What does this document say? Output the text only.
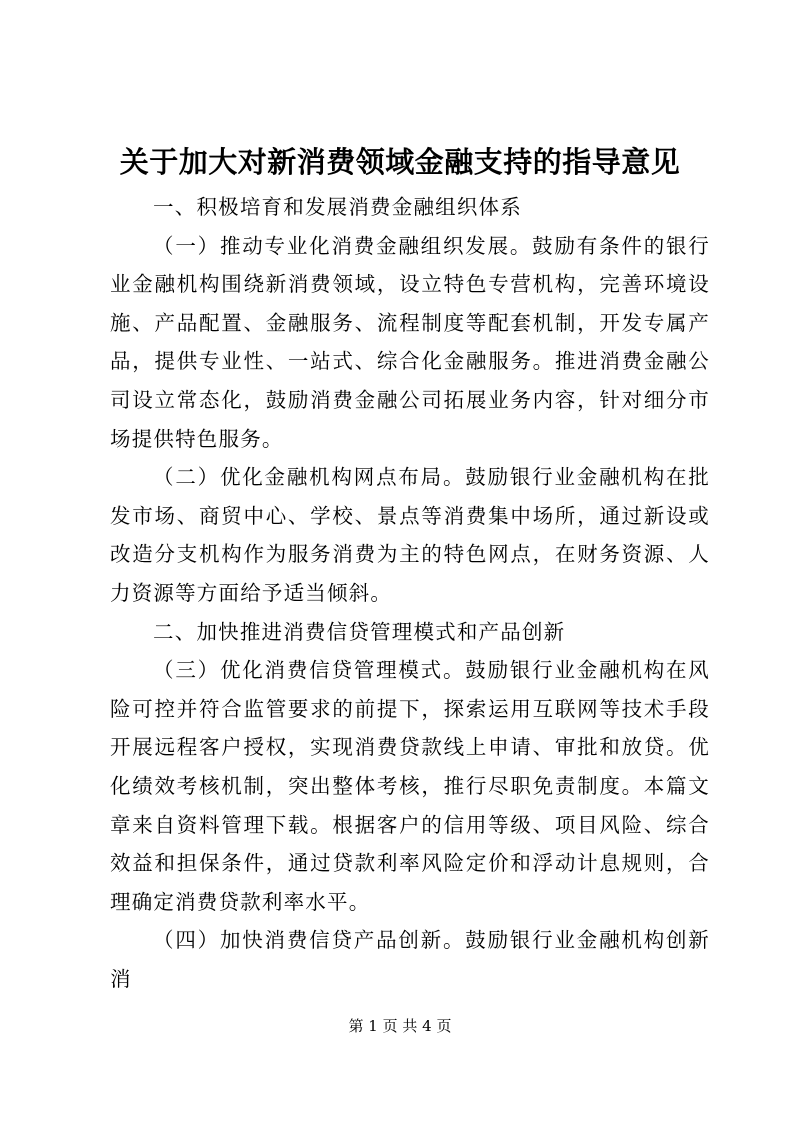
关于加大对新消费领域金融支持的指导意见

一、积极培育和发展消费金融组织体系

（一）推动专业化消费金融组织发展。鼓励有条件的银行业金融机构围绕新消费领域，设立特色专营机构，完善环境设施、产品配置、金融服务、流程制度等配套机制，开发专属产品，提供专业性、一站式、综合化金融服务。推进消费金融公司设立常态化，鼓励消费金融公司拓展业务内容，针对细分市场提供特色服务。

（二）优化金融机构网点布局。鼓励银行业金融机构在批发市场、商贸中心、学校、景点等消费集中场所，通过新设或改造分支机构作为服务消费为主的特色网点，在财务资源、人力资源等方面给予适当倾斜。

二、加快推进消费信贷管理模式和产品创新

（三）优化消费信贷管理模式。鼓励银行业金融机构在风险可控并符合监管要求的前提下，探索运用互联网等技术手段开展远程客户授权，实现消费贷款线上申请、审批和放贷。优化绩效考核机制，突出整体考核，推行尽职免责制度。本篇文章来自资料管理下载。根据客户的信用等级、项目风险、综合效益和担保条件，通过贷款利率风险定价和浮动计息规则，合理确定消费贷款利率水平。

（四）加快消费信贷产品创新。鼓励银行业金融机构创新消

第 1 页 共 4 页
